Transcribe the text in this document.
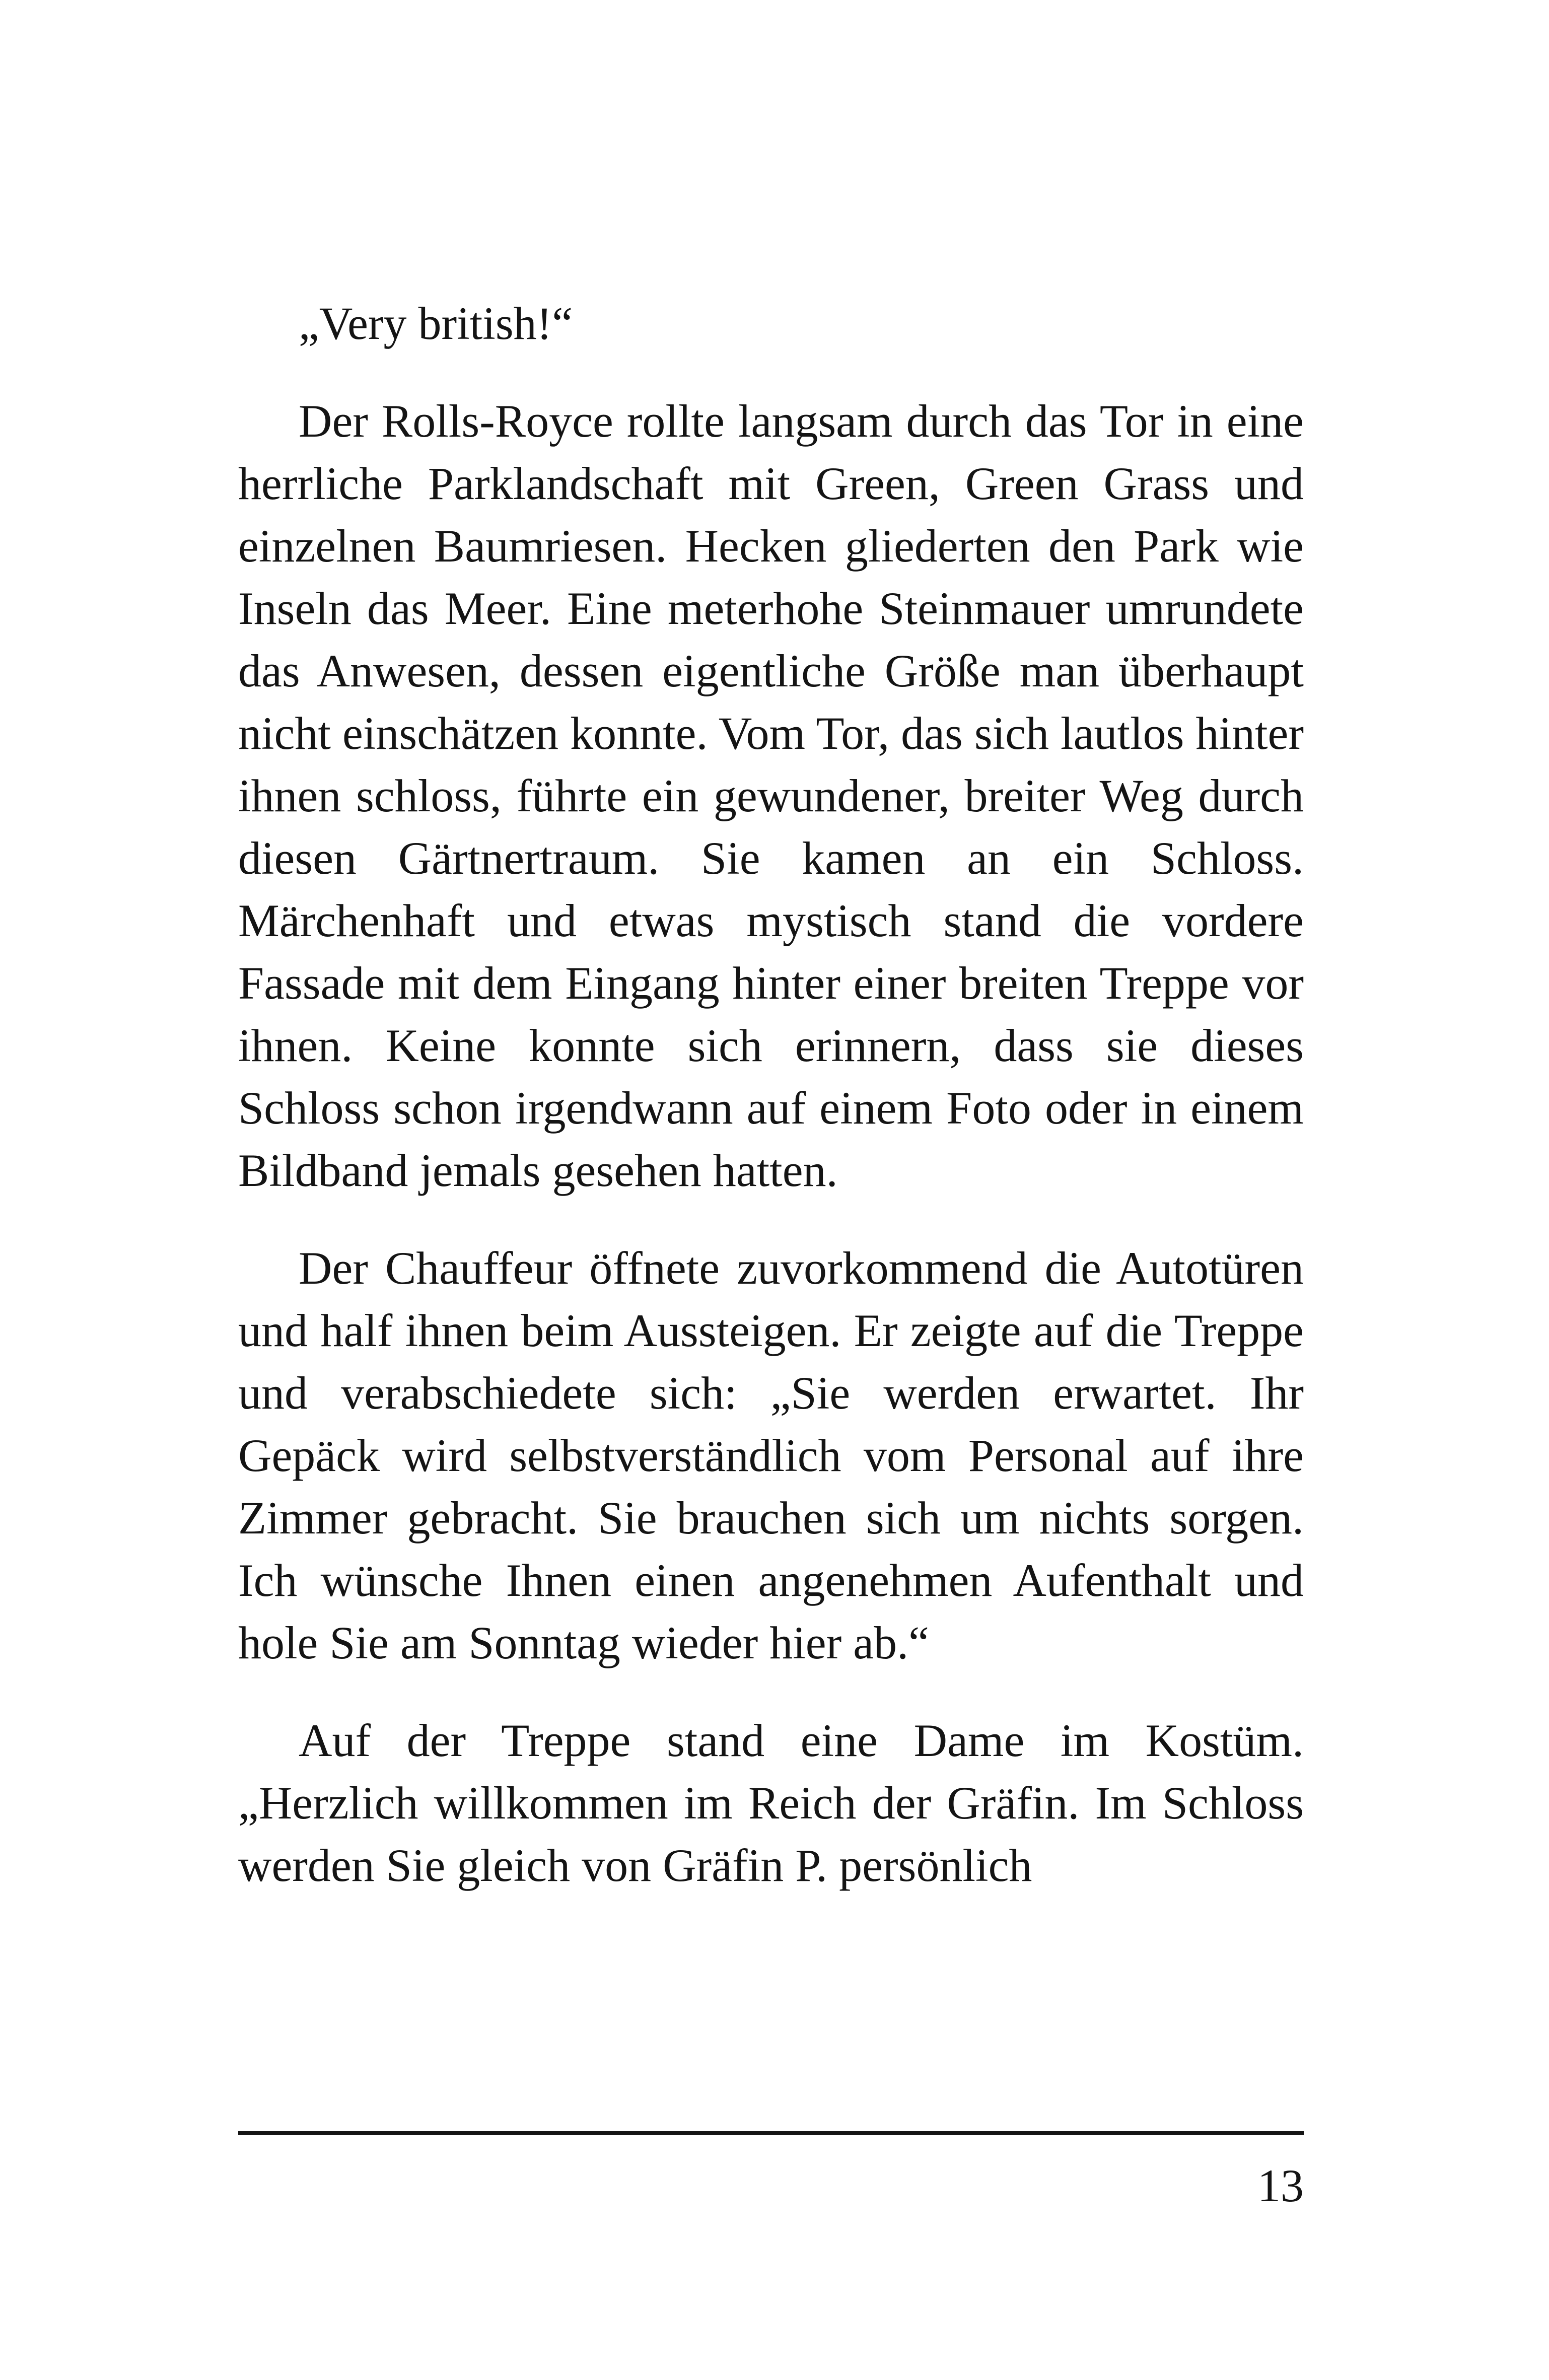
„Very british!“

Der Rolls-Royce rollte langsam durch das Tor in eine herrliche Parklandschaft mit Green, Green Grass und einzelnen Baumriesen. Hecken gliederten den Park wie Inseln das Meer. Eine meterhohe Steinmauer umrundete das Anwesen, dessen eigentliche Größe man überhaupt nicht einschätzen konnte. Vom Tor, das sich lautlos hinter ihnen schloss, führte ein gewundener, breiter Weg durch diesen Gärtnertraum. Sie kamen an ein Schloss. Märchenhaft und etwas mystisch stand die vordere Fassade mit dem Eingang hinter einer breiten Treppe vor ihnen. Keine konnte sich erinnern, dass sie dieses Schloss schon irgendwann auf einem Foto oder in einem Bildband jemals gesehen hatten.

Der Chauffeur öffnete zuvorkommend die Autotüren und half ihnen beim Aussteigen. Er zeigte auf die Treppe und verabschiedete sich: „Sie werden erwartet. Ihr Gepäck wird selbstverständlich vom Personal auf ihre Zimmer gebracht. Sie brauchen sich um nichts sorgen. Ich wünsche Ihnen einen angenehmen Aufenthalt und hole Sie am Sonntag wieder hier ab.“

Auf der Treppe stand eine Dame im Kostüm. „Herzlich willkommen im Reich der Gräfin. Im Schloss werden Sie gleich von Gräfin P. persönlich

13
